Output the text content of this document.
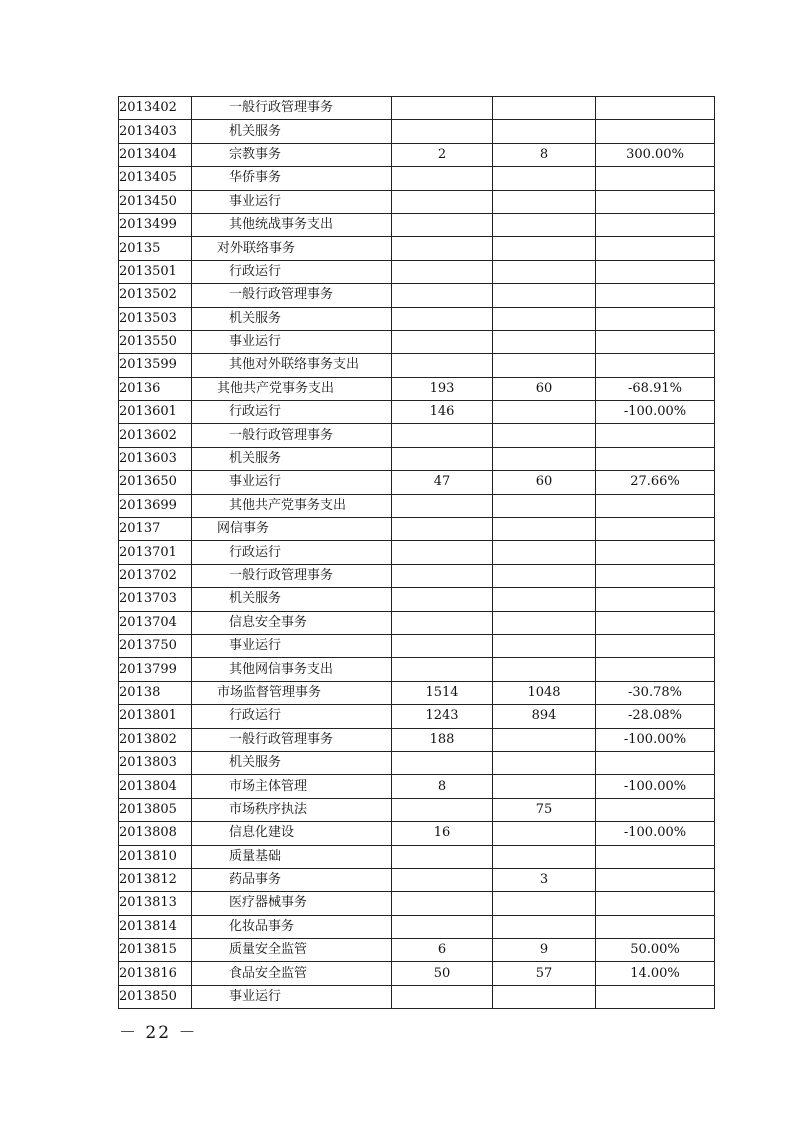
2013402	一般行政管理事务			
2013403	机关服务			
2013404	宗教事务	2	8	300.00%
2013405	华侨事务			
2013450	事业运行			
2013499	其他统战事务支出			
20135	对外联络事务			
2013501	行政运行			
2013502	一般行政管理事务			
2013503	机关服务			
2013550	事业运行			
2013599	其他对外联络事务支出			
20136	其他共产党事务支出	193	60	-68.91%
2013601	行政运行	146		-100.00%
2013602	一般行政管理事务			
2013603	机关服务			
2013650	事业运行	47	60	27.66%
2013699	其他共产党事务支出			
20137	网信事务			
2013701	行政运行			
2013702	一般行政管理事务			
2013703	机关服务			
2013704	信息安全事务			
2013750	事业运行			
2013799	其他网信事务支出			
20138	市场监督管理事务	1514	1048	-30.78%
2013801	行政运行	1243	894	-28.08%
2013802	一般行政管理事务	188		-100.00%
2013803	机关服务			
2013804	市场主体管理	8		-100.00%
2013805	市场秩序执法		75	
2013808	信息化建设	16		-100.00%
2013810	质量基础			
2013812	药品事务		3	
2013813	医疗器械事务			
2013814	化妆品事务			
2013815	质量安全监管	6	9	50.00%
2013816	食品安全监管	50	57	14.00%
2013850	事业运行			
－ 22 －
